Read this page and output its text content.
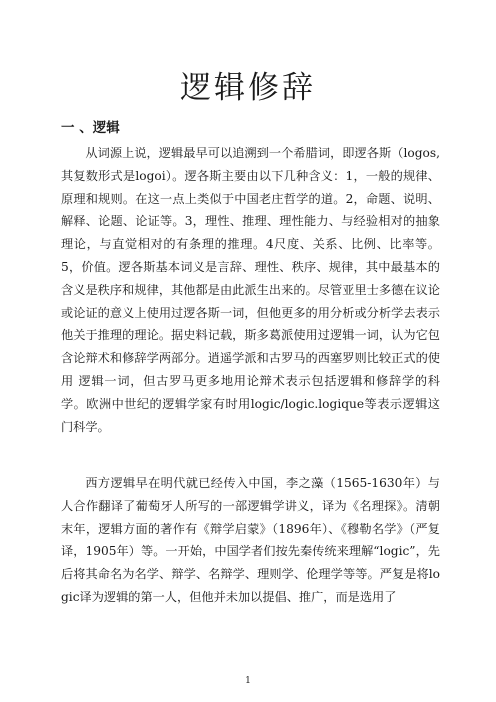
逻辑修辞
一 、逻辑

从词源上说，逻辑最早可以追溯到一个希腊词，即逻各斯（logos,其复数形式是logoi）。逻各斯主要由以下几种含义：1，一般的规律、原理和规则。在这一点上类似于中国老庄哲学的道。2，命题、说明、解释、论题、论证等。3，理性、推理、理性能力、与经验相对的抽象理论，与直觉相对的有条理的推理。4尺度、关系、比例、比率等。5，价值。逻各斯基本词义是言辞、理性、秩序、规律，其中最基本的含义是秩序和规律，其他都是由此派生出来的。尽管亚里士多德在议论或论证的意义上使用过逻各斯一词，但他更多的用分析或分析学去表示他关于推理的理论。据史料记载，斯多葛派使用过逻辑一词，认为它包含论辩术和修辞学两部分。逍遥学派和古罗马的西塞罗则比较正式的使用 逻辑一词，但古罗马更多地用论辩术表示包括逻辑和修辞学的科学。欧洲中世纪的逻辑学家有时用logic/logic.logique等表示逻辑这门科学。

西方逻辑早在明代就已经传入中国，李之藻（1565-1630年）与人合作翻译了葡萄牙人所写的一部逻辑学讲义，译为《名理探》。清朝末年，逻辑方面的著作有《辩学启蒙》（1896年）、《穆勒名学》（严复译，1905年）等。一开始，中国学者们按先秦传统来理解“logic”，先后将其命名为名学、辩学、名辩学、理则学、伦理学等等。严复是将logic译为逻辑的第一人，但他并未加以提倡、推广，而是选用了

1
